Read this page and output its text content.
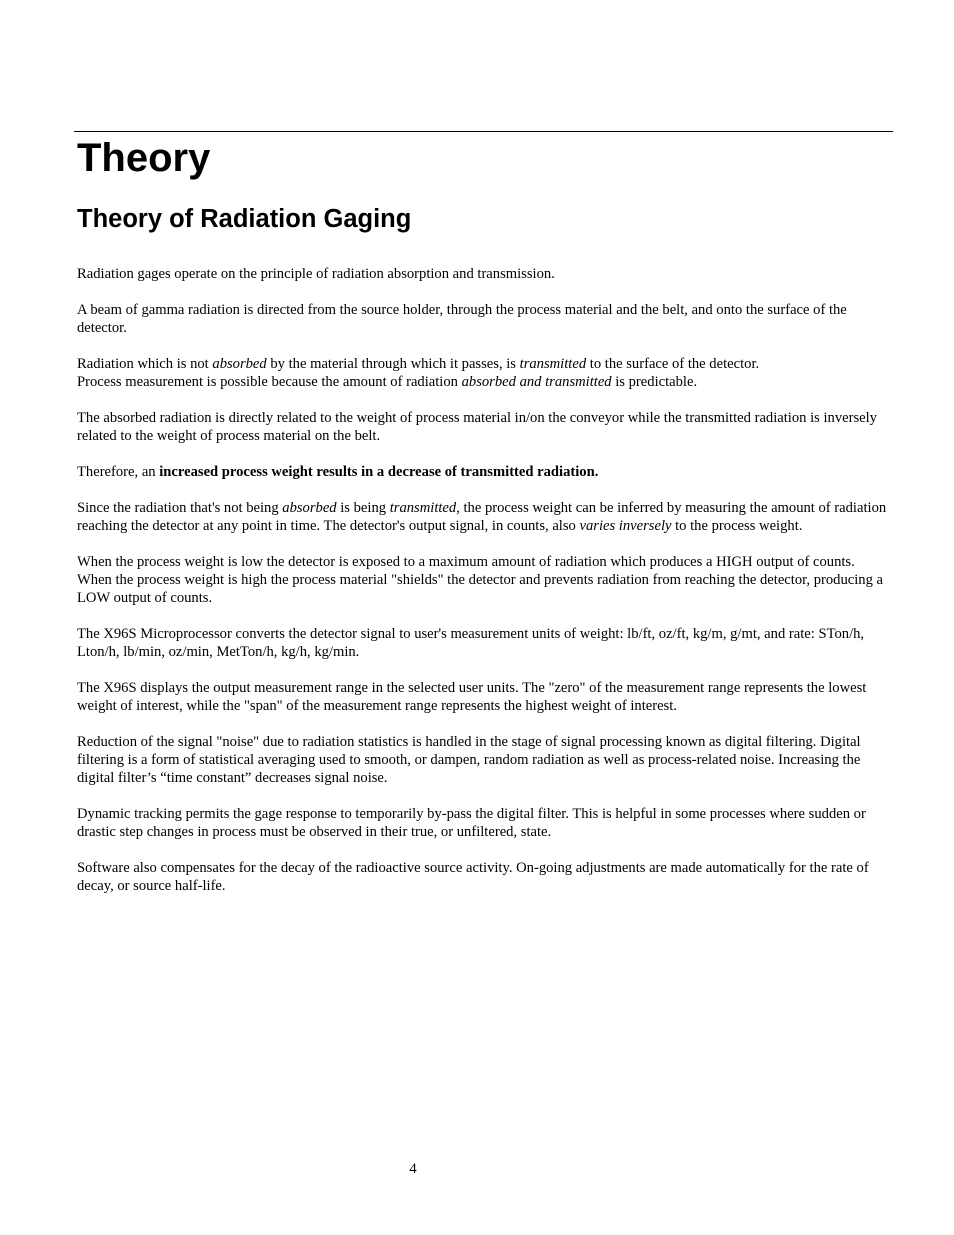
Theory
Theory of Radiation Gaging

Radiation gages operate on the principle of radiation absorption and transmission.

A beam of gamma radiation is directed from the source holder, through the process material and the belt, and onto the surface of the detector.

Radiation which is not absorbed by the material through which it passes, is transmitted to the surface of the detector.
Process measurement is possible because the amount of radiation absorbed and transmitted is predictable.

The absorbed radiation is directly related to the weight of process material in/on the conveyor while the transmitted radiation is inversely related to the weight of process material on the belt.

Therefore, an increased process weight results in a decrease of transmitted radiation.

Since the radiation that's not being absorbed is being transmitted, the process weight can be inferred by measuring the amount of radiation reaching the detector at any point in time. The detector's output signal, in counts, also varies inversely to the process weight.

When the process weight is low the detector is exposed to a maximum amount of radiation which produces a HIGH output of counts. When the process weight is high the process material "shields" the detector and prevents radiation from reaching the detector, producing a LOW output of counts.

The X96S Microprocessor converts the detector signal to user's measurement units of weight: lb/ft, oz/ft, kg/m, g/mt, and rate: STon/h, Lton/h, lb/min, oz/min, MetTon/h, kg/h, kg/min.

The X96S displays the output measurement range in the selected user units. The "zero" of the measurement range represents the lowest weight of interest, while the "span" of the measurement range represents the highest weight of interest.

Reduction of the signal "noise" due to radiation statistics is handled in the stage of signal processing known as digital filtering. Digital filtering is a form of statistical averaging used to smooth, or dampen, random radiation as well as process-related noise. Increasing the digital filter’s “time constant” decreases signal noise.

Dynamic tracking permits the gage response to temporarily by-pass the digital filter. This is helpful in some processes where sudden or drastic step changes in process must be observed in their true, or unfiltered, state.

Software also compensates for the decay of the radioactive source activity. On-going adjustments are made automatically for the rate of decay, or source half-life.

4
